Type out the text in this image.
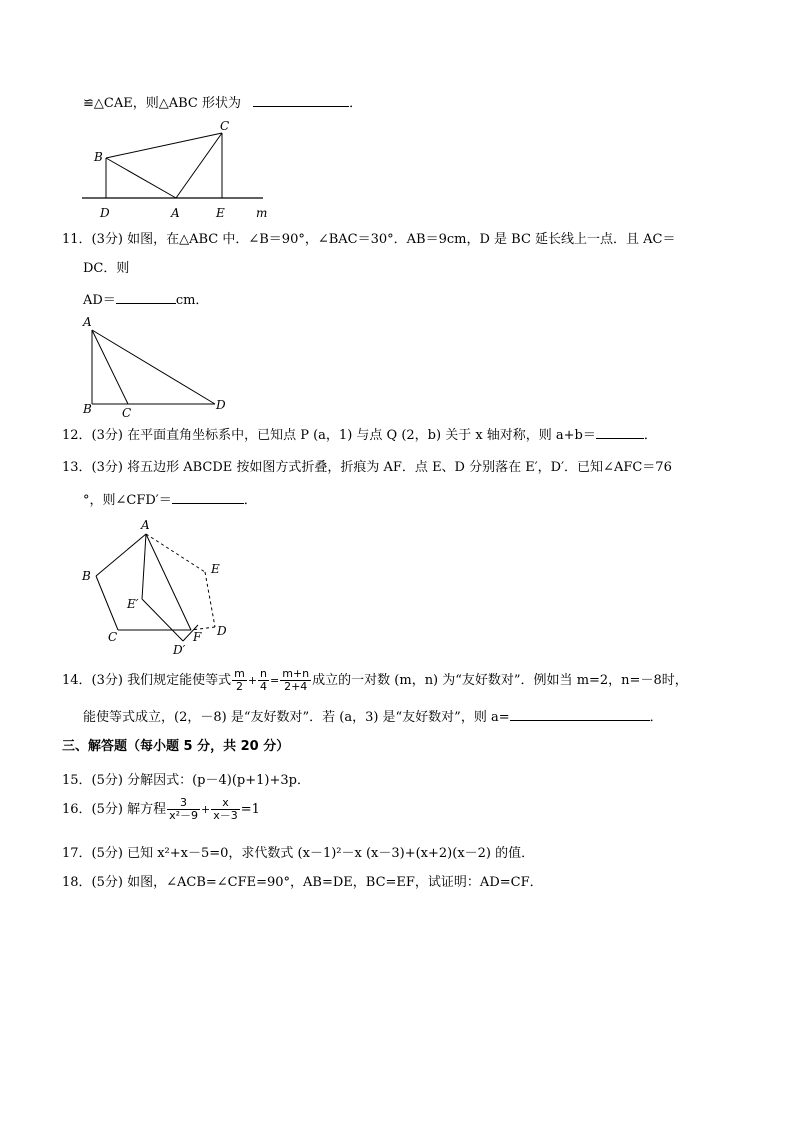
≌△CAE，则△ABC 形状为	．
B
C
D	A	E	m
11．(3分) 如图，在△ABC 中．∠B＝90°，∠BAC＝30°．AB＝9cm，D 是 BC 延长线上一点．且 AC＝
DC．则
AD＝	cm．
A
B	C
D
12．(3分) 在平面直角坐标系中，已知点 P (a，1) 与点 Q (2，b) 关于 x 轴对称，则 a+b＝	．
13．(3分) 将五边形 ABCDE 按如图方式折叠，折痕为 AF．点 E、D 分别落在 E′，D′．已知∠AFC＝76
°，则∠CFD′＝	．
A
B
C
E
D
E′
F
D′
14．(3分) 我们规定能使等式 $\frac{m}{2} + \frac{n}{4} = \frac{m+n}{2+4}$ 成立的一对数 (m，n) 为“友好数对”．例如当 m=2，n=－8时，
能使等式成立，(2，－8) 是“友好数对”．若 (a，3) 是“友好数对”，则 a=	．
三、解答题（每小题 5 分，共 20 分）
15．(5分) 分解因式：(p－4)(p+1)+3p．
16．(5分) 解方程 $\frac{3}{\text{x²－9}} + \frac{x}{x-3} =1$
17．(5分) 已知 x²+x－5=0，求代数式 (x－1)²－x (x－3)+(x+2)(x－2) 的值．
18．(5分) 如图，∠ACB=∠CFE=90°，AB=DE，BC=EF，试证明：AD=CF．
